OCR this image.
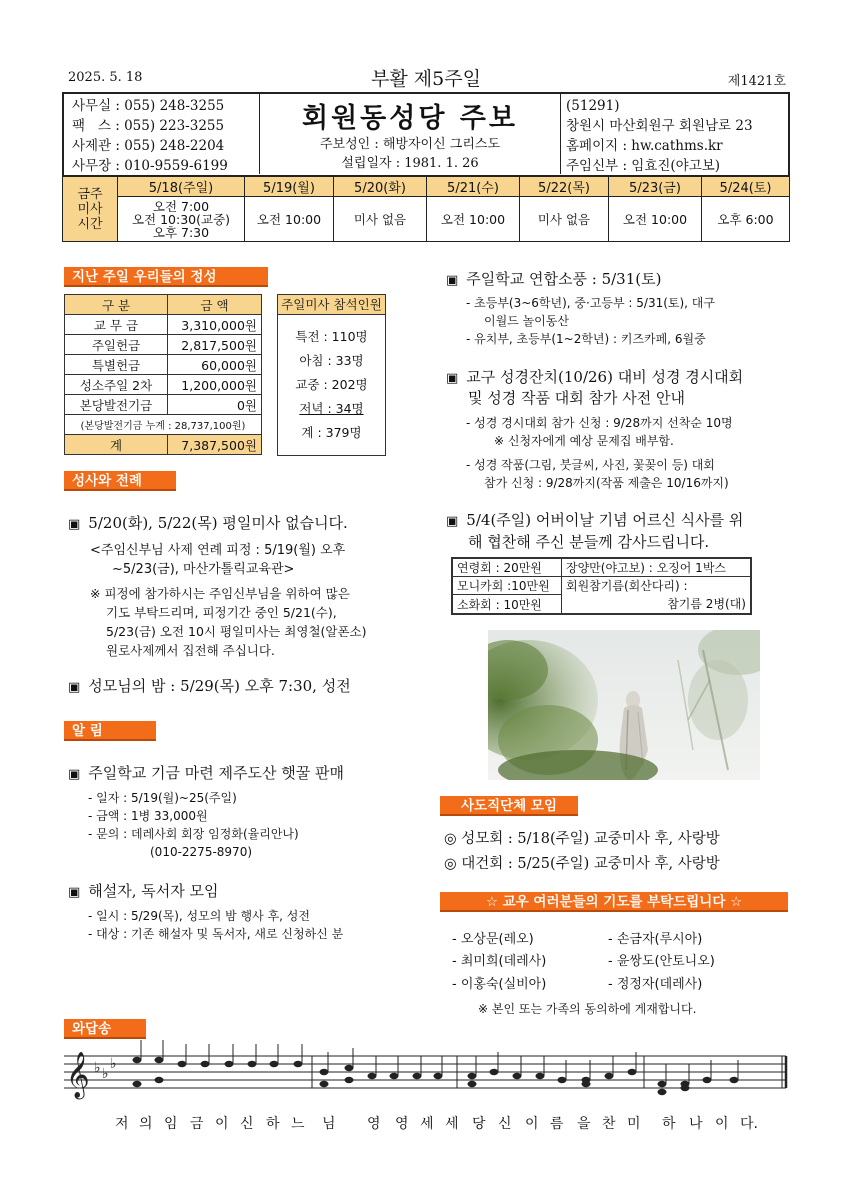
2025. 5. 18	부활 제5주일	제1421호
사무실 : 055) 248-3255
팩   스 : 055) 223-3255
사제관 : 055) 248-2204
사무장 : 010-9559-6199
회원동성당 주보
주보성인 : 해방자이신 그리스도
설립일자 : 1981. 1. 26
(51291)
창원시 마산회원구 회원남로 23
홈페이지 : hw.cathms.kr
주임신부 : 임효진(야고보)
금주
미사
시간	5/18(주일)	5/19(월)	5/20(화)	5/21(수)	5/22(목)	5/23(금)	5/24(토)
	오전 7:00
오전 10:30(교중)
오후 7:30	오전 10:00	미사 없음	오전 10:00	미사 없음	오전 10:00	오후 6:00
지난 주일 우리들의 정성
구 분	금 액
교 무 금	3,310,000원
주일헌금	2,817,500원
특별헌금	60,000원
성소주일 2차	1,200,000원
본당발전기금	0원
(본당발전기금 누계 : 28,737,100원)	
계	7,387,500원
주일미사 참석인원
특전 : 110명
아침 : 33명
교중 : 202명
저녁 : 34명
계 : 379명
성사와 전례
▣ 5/20(화), 5/22(목) 평일미사 없습니다.
<주임신부님 사제 연례 피정 : 5/19(월) 오후
~5/23(금), 마산가톨릭교육관>
※ 피정에 참가하시는 주임신부님을 위하여 많은
기도 부탁드리며, 피정기간 중인 5/21(수),
5/23(금) 오전 10시 평일미사는 최영철(알폰소)
원로사제께서 집전해 주십니다.
▣ 성모님의 밤 : 5/29(목) 오후 7:30, 성전
알 림
▣ 주일학교 기금 마련 제주도산 햇꿀 판매
- 일자 : 5/19(월)~25(주일)
- 금액 : 1병 33,000원
- 문의 : 데레사회 회장 임정화(율리안나)
(010-2275-8970)
▣ 해설자, 독서자 모임
- 일시 : 5/29(목), 성모의 밤 행사 후, 성전
- 대상 : 기존 해설자 및 독서자, 새로 신청하신 분
▣ 주일학교 연합소풍 : 5/31(토)
- 초등부(3~6학년), 중·고등부 : 5/31(토), 대구
이월드 놀이동산
- 유치부, 초등부(1~2학년) : 키즈카페, 6월중
▣ 교구 성경잔치(10/26) 대비 성경 경시대회
및 성경 작품 대회 참가 사전 안내
- 성경 경시대회 참가 신청 : 9/28까지 선착순 10명
※ 신청자에게 예상 문제집 배부함.
- 성경 작품(그림, 붓글씨, 사진, 꽃꽂이 등) 대회
참가 신청 : 9/28까지(작품 제출은 10/16까지)
▣ 5/4(주일) 어버이날 기념 어르신 식사를 위
해 협찬해 주신 분들께 감사드립니다.
연령회 : 20만원	장양만(야고보) : 오징어 1박스
모니카회 :10만원	회원참기름(회산다리) :
참기름 2병(대)

소화회 : 10만원	
사도직단체 모임
◎ 성모회 : 5/18(주일) 교중미사 후, 사랑방
◎ 대건회 : 5/25(주일) 교중미사 후, 사랑방
☆ 교우 여러분들의 기도를 부탁드립니다 ☆
- 오상문(레오)
- 최미희(데레사)
- 이홍숙(실비아)
- 손금자(루시아)
- 윤쌍도(안토니오)
- 정정자(데레사)
※ 본인 또는 가족의 동의하에 게재합니다.
와답송
𝄞 ♭ ♭
♭
저 의 임 금 이 신 하 느 님 영 영 세 세 당 신 이 름 을 찬 미 하 나 이 다.
